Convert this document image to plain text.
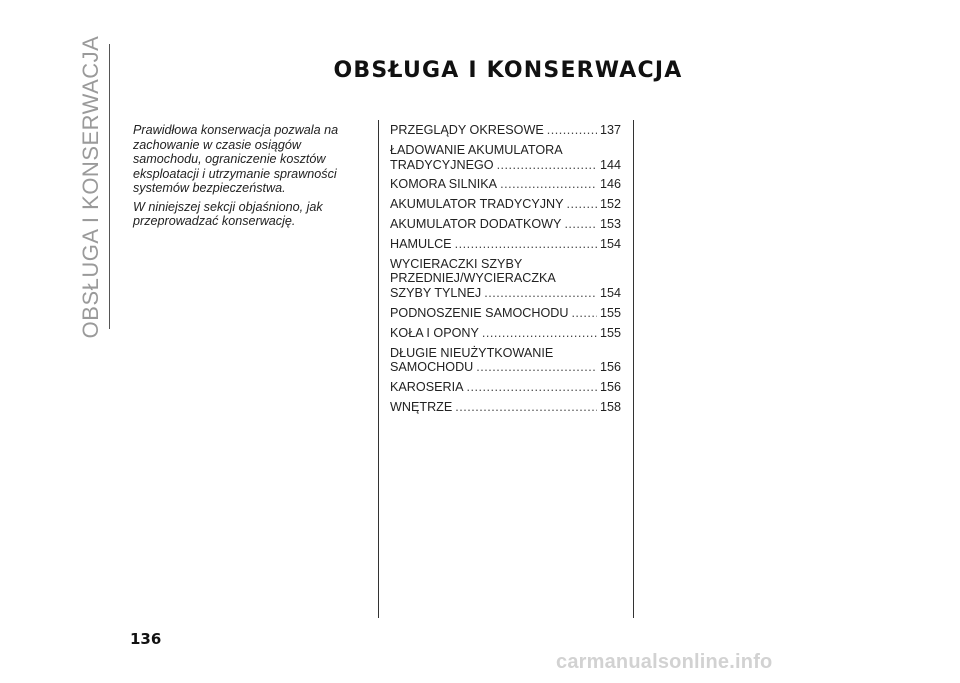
OBSŁUGA I KONSERWACJA	OBSŁUGA I KONSERWACJA

Prawidłowa konserwacja pozwala na zachowanie w czasie osiągów samochodu, ograniczenie kosztów eksploatacji i utrzymanie sprawności systemów bezpieczeństwa.

W niniejszej sekcji objaśniono, jak przeprowadzać konserwację.

PRZEGLĄDY OKRESOWE . . .	137
ŁADOWANIE AKUMULATORA
TRADYCYJNEGO . . .	144
KOMORA SILNIKA . . .	146
AKUMULATOR TRADYCYJNY . . .	152
AKUMULATOR DODATKOWY . . .	153
HAMULCE . . .	154
WYCIERACZKI SZYBY PRZEDNIEJ/WYCIERACZKA
SZYBY TYLNEJ . . .	154
PODNOSZENIE SAMOCHODU . . .	155
KOŁA I OPONY . . .	155
DŁUGIE NIEUŻYTKOWANIE
SAMOCHODU . . .	156
KAROSERIA . . .	156
WNĘTRZE . . .	158
136
carmanualsonline.info
